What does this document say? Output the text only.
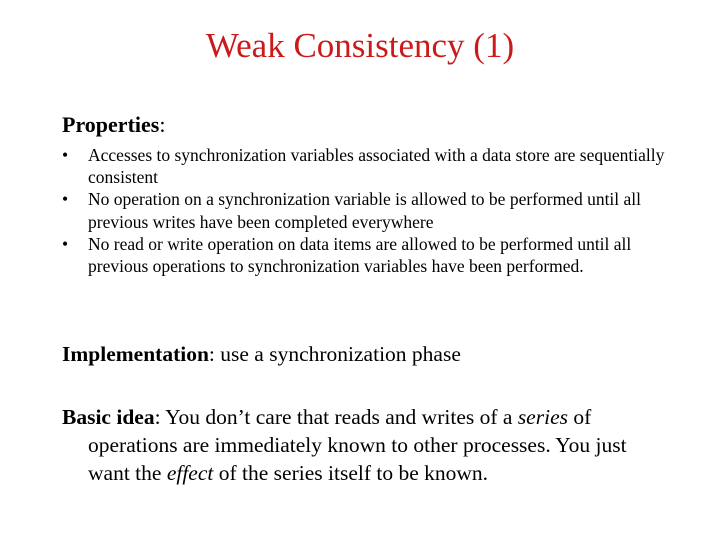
Weak Consistency (1)

Properties:

•	Accesses to synchronization variables associated with a data store are sequentially consistent
•	No operation on a synchronization variable is allowed to be performed until all previous writes have been completed everywhere
•	No read or write operation on data items are allowed to be performed until all previous operations to synchronization variables have been performed.

Implementation: use a synchronization phase

Basic idea: You don’t care that reads and writes of a series of operations are immediately known to other processes. You just want the effect of the series itself to be known.
